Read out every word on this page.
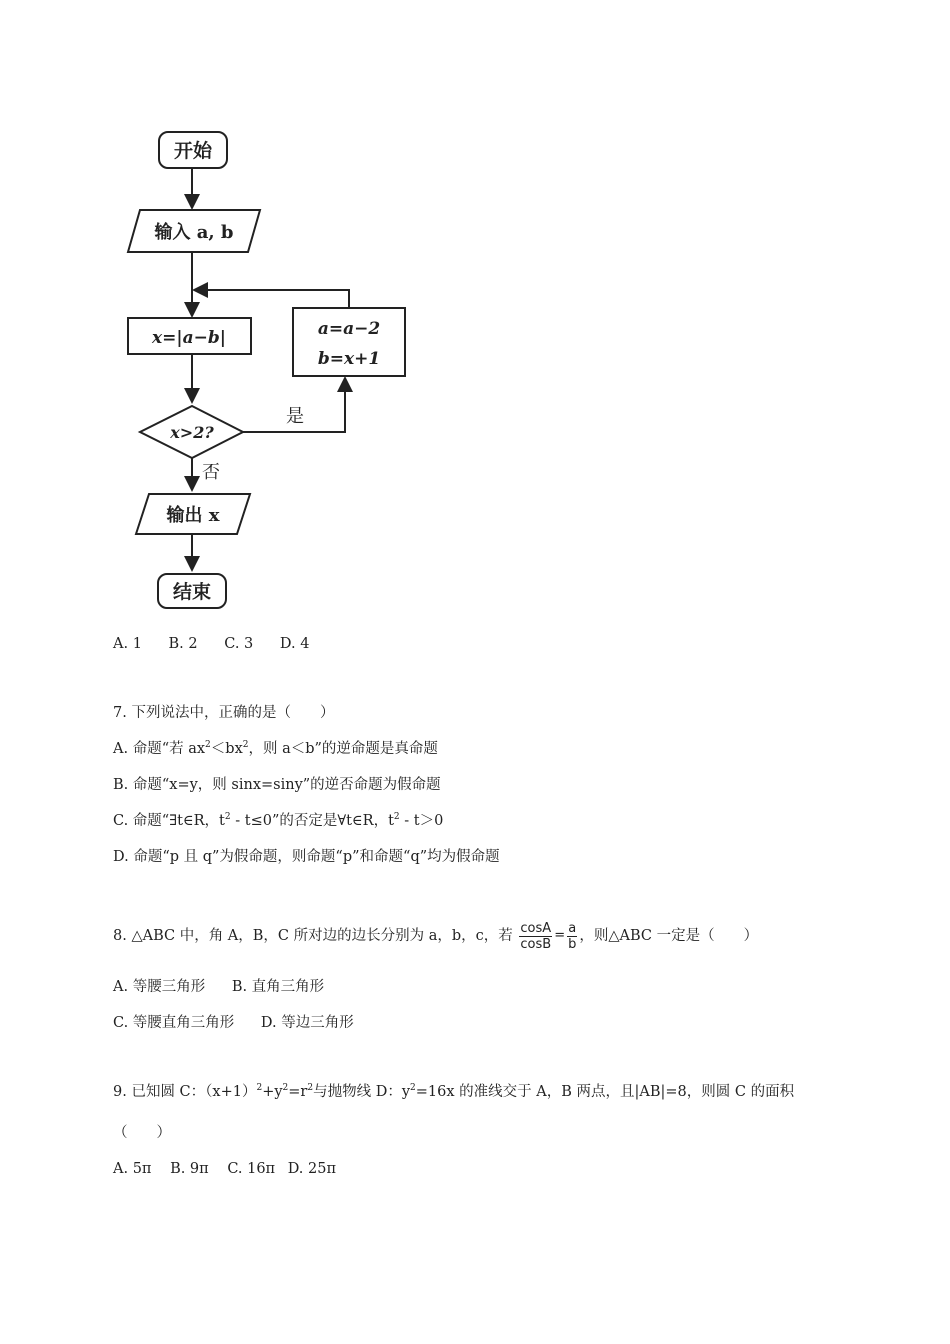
开始
输入 a, b
x=|a−b|	a=a−2
b=x+1
x>2?
是
否
输出 x
结束
A. 1 B. 2 C. 3 D. 4
7. 下列说法中，正确的是（　　）
A. 命题“若 $ax^2<bx^2$，则 a＜b”的逆命题是真命题
B. 命题“x=y，则 sinx=siny”的逆否命题为假命题
C. 命题“∃t∈R，$t^2 - t\le 0$”的否定是∀t∈R，$t^2 - t>0$
D. 命题“p 且 q”为假命题，则命题“p”和命题“q”均为假命题
8. △ABC 中，角 A，B，C 所对边的边长分别为 a，b，c，若 $\frac{\cos A}{\cos B} = \frac{a}{b}$ ，则△ABC 一定是（　　）
A. 等腰三角形 B. 直角三角形
C. 等腰直角三角形 D. 等边三角形
9. 已知圆 C：$(x+1)^2+y^2=r^2$与抛物线 D：$y^2=16x$ 的准线交于 A，B 两点，且|AB|=8，则圆 C 的面积
（　　）
A. 5π B. 9π C. 16π D. 25π
